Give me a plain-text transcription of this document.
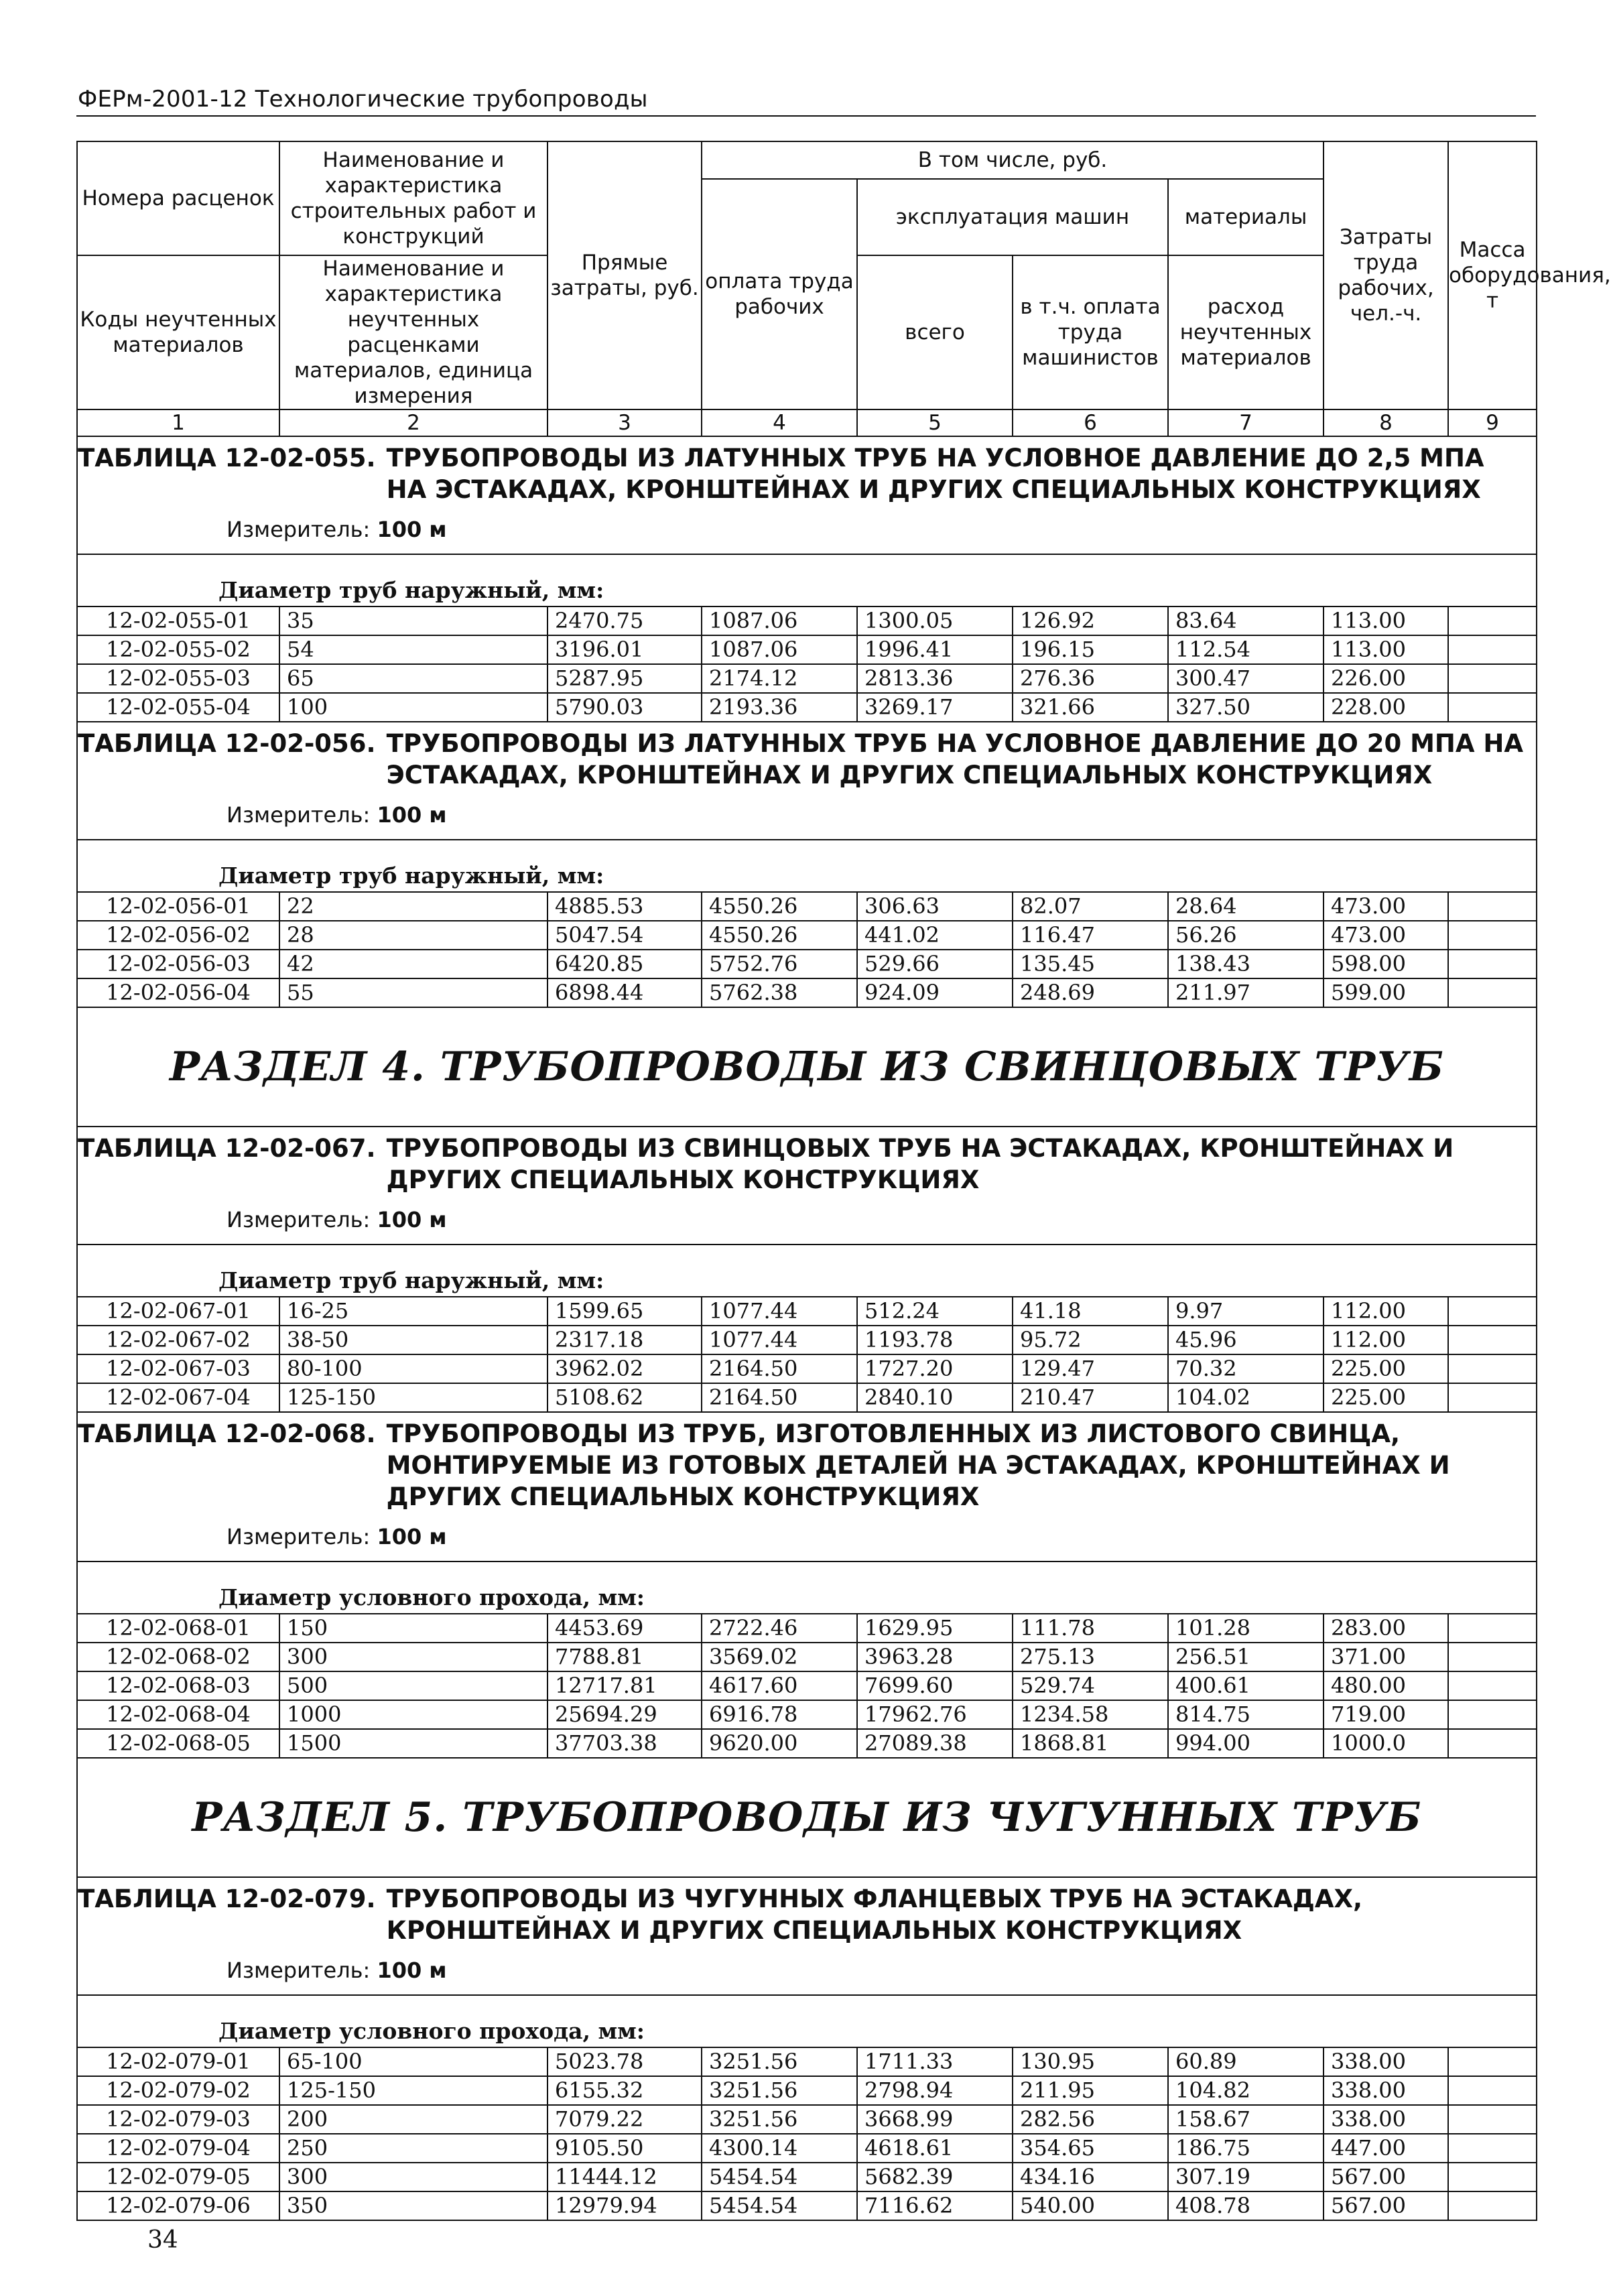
ФЕРм-2001-12 Технологические трубопроводы
Номера расценок	Наименование и характеристика строительных работ и конструкций	Прямые затраты, руб.	В том числе, руб.				Затраты труда рабочих, чел.-ч.	Масса оборудования, т
			оплата труда рабочих	эксплуатация машин		материалы		
Коды неучтенных материалов	Наименование и характеристика неучтенных расценками материалов, единица измерения			всего	в т.ч. оплата труда машинистов	расход неучтенных материалов		

1	2	3	4	5	6	7	8	9

ТАБЛИЦА 12-02-055. ТРУБОПРОВОДЫ ИЗ ЛАТУННЫХ ТРУБ НА УСЛОВНОЕ ДАВЛЕНИЕ ДО 2,5 МПА НА ЭСТАКАДАХ, КРОНШТЕЙНАХ И ДРУГИХ СПЕЦИАЛЬНЫХ КОНСТРУКЦИЯХ
Измеритель: 100 м								

Диаметр труб наружный, мм:								
12-02-055-01	35	2470.75	1087.06	1300.05	126.92	83.64	113.00	
12-02-055-02	54	3196.01	1087.06	1996.41	196.15	112.54	113.00	
12-02-055-03	65	5287.95	2174.12	2813.36	276.36	300.47	226.00	
12-02-055-04	100	5790.03	2193.36	3269.17	321.66	327.50	228.00	

ТАБЛИЦА 12-02-056. ТРУБОПРОВОДЫ ИЗ ЛАТУННЫХ ТРУБ НА УСЛОВНОЕ ДАВЛЕНИЕ ДО 20 МПА НА ЭСТАКАДАХ, КРОНШТЕЙНАХ И ДРУГИХ СПЕЦИАЛЬНЫХ КОНСТРУКЦИЯХ
Измеритель: 100 м								

Диаметр труб наружный, мм:								
12-02-056-01	22	4885.53	4550.26	306.63	82.07	28.64	473.00	
12-02-056-02	28	5047.54	4550.26	441.02	116.47	56.26	473.00	
12-02-056-03	42	6420.85	5752.76	529.66	135.45	138.43	598.00	
12-02-056-04	55	6898.44	5762.38	924.09	248.69	211.97	599.00	
РАЗДЕЛ 4. ТРУБОПРОВОДЫ ИЗ СВИНЦОВЫХ ТРУБ								

ТАБЛИЦА 12-02-067. ТРУБОПРОВОДЫ ИЗ СВИНЦОВЫХ ТРУБ НА ЭСТАКАДАХ, КРОНШТЕЙНАХ И ДРУГИХ СПЕЦИАЛЬНЫХ КОНСТРУКЦИЯХ
Измеритель: 100 м								

Диаметр труб наружный, мм:								
12-02-067-01	16-25	1599.65	1077.44	512.24	41.18	9.97	112.00	
12-02-067-02	38-50	2317.18	1077.44	1193.78	95.72	45.96	112.00	
12-02-067-03	80-100	3962.02	2164.50	1727.20	129.47	70.32	225.00	
12-02-067-04	125-150	5108.62	2164.50	2840.10	210.47	104.02	225.00	

ТАБЛИЦА 12-02-068. ТРУБОПРОВОДЫ ИЗ ТРУБ, ИЗГОТОВЛЕННЫХ ИЗ ЛИСТОВОГО СВИНЦА, МОНТИРУЕМЫЕ ИЗ ГОТОВЫХ ДЕТАЛЕЙ НА ЭСТАКАДАХ, КРОНШТЕЙНАХ И ДРУГИХ СПЕЦИАЛЬНЫХ КОНСТРУКЦИЯХ
Измеритель: 100 м								

Диаметр условного прохода, мм:								
12-02-068-01	150	4453.69	2722.46	1629.95	111.78	101.28	283.00	
12-02-068-02	300	7788.81	3569.02	3963.28	275.13	256.51	371.00	
12-02-068-03	500	12717.81	4617.60	7699.60	529.74	400.61	480.00	
12-02-068-04	1000	25694.29	6916.78	17962.76	1234.58	814.75	719.00	
12-02-068-05	1500	37703.38	9620.00	27089.38	1868.81	994.00	1000.0	
РАЗДЕЛ 5. ТРУБОПРОВОДЫ ИЗ ЧУГУННЫХ ТРУБ								

ТАБЛИЦА 12-02-079. ТРУБОПРОВОДЫ ИЗ ЧУГУННЫХ ФЛАНЦЕВЫХ ТРУБ НА ЭСТАКАДАХ, КРОНШТЕЙНАХ И ДРУГИХ СПЕЦИАЛЬНЫХ КОНСТРУКЦИЯХ
Измеритель: 100 м								

Диаметр условного прохода, мм:								
12-02-079-01	65-100	5023.78	3251.56	1711.33	130.95	60.89	338.00	
12-02-079-02	125-150	6155.32	3251.56	2798.94	211.95	104.82	338.00	
12-02-079-03	200	7079.22	3251.56	3668.99	282.56	158.67	338.00	
12-02-079-04	250	9105.50	4300.14	4618.61	354.65	186.75	447.00	
12-02-079-05	300	11444.12	5454.54	5682.39	434.16	307.19	567.00	
12-02-079-06	350	12979.94	5454.54	7116.62	540.00	408.78	567.00	
34
